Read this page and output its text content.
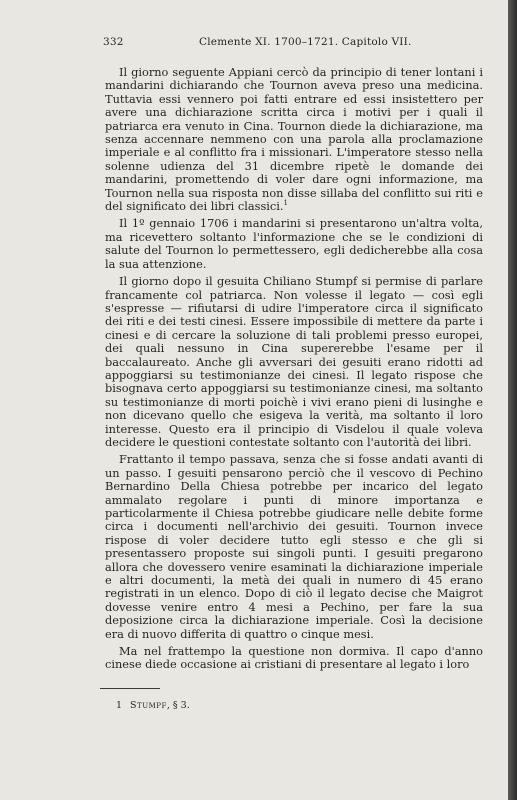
332	Clemente XI. 1700–1721. Capitolo VII.

Il giorno seguente Appiani cercò da principio di tener lontani i mandarini dichiarando che Tournon aveva preso una medicina. Tuttavia essi vennero poi fatti entrare ed essi insistettero per avere una dichiarazione scritta circa i motivi per i quali il patriarca era venuto in Cina. Tournon diede la dichiarazione, ma senza accennare nemmeno con una parola alla proclamazione imperiale e al conflitto fra i missionari. L'imperatore stesso nella solenne udienza del 31 dicembre ripetè le domande dei mandarini, promettendo di voler dare ogni informazione, ma Tournon nella sua risposta non disse sillaba del conflitto sui riti e del significato dei libri classici.$^1$

Il 1º gennaio 1706 i mandarini si presentarono un'altra volta, ma ricevettero soltanto l'informazione che se le condizioni di salute del Tournon lo permettessero, egli dedicherebbe alla cosa la sua attenzione.

Il giorno dopo il gesuita Chiliano Stumpf si permise di parlare francamente col patriarca. Non volesse il legato — così egli s'espresse — rifiutarsi di udire l'imperatore circa il significato dei riti e dei testi cinesi. Essere impossibile di mettere da parte i cinesi e di cercare la soluzione di tali problemi presso europei, dei quali nessuno in Cina supererebbe l'esame per il baccalaureato. Anche gli avversari dei gesuiti erano ridotti ad appoggiarsi su testimonianze dei cinesi. Il legato rispose che bisognava certo appoggiarsi su testimonianze cinesi, ma soltanto su testimonianze di morti poichè i vivi erano pieni di lusinghe e non dicevano quello che esigeva la verità, ma soltanto il loro interesse. Questo era il principio di Visdelou il quale voleva decidere le questioni contestate soltanto con l'autorità dei libri.

Frattanto il tempo passava, senza che si fosse andati avanti di un passo. I gesuiti pensarono perciò che il vescovo di Pechino Bernardino Della Chiesa potrebbe per incarico del legato ammalato regolare i punti di minore importanza e particolarmente il Chiesa potrebbe giudicare nelle debite forme circa i documenti nell'archivio dei gesuiti. Tournon invece rispose di voler decidere tutto egli stesso e che gli si presentassero proposte sui singoli punti. I gesuiti pregarono allora che dovessero venire esaminati la dichiarazione imperiale e altri documenti, la metà dei quali in numero di 45 erano registrati in un elenco. Dopo di ciò il legato decise che Maigrot dovesse venire entro 4 mesi a Pechino, per fare la sua deposizione circa la dichiarazione imperiale. Così la decisione era di nuovo differita di quattro o cinque mesi.

Ma nel frattempo la questione non dormiva. Il capo d'anno cinese diede occasione ai cristiani di presentare al legato i loro

1 Stumpf, § 3.
